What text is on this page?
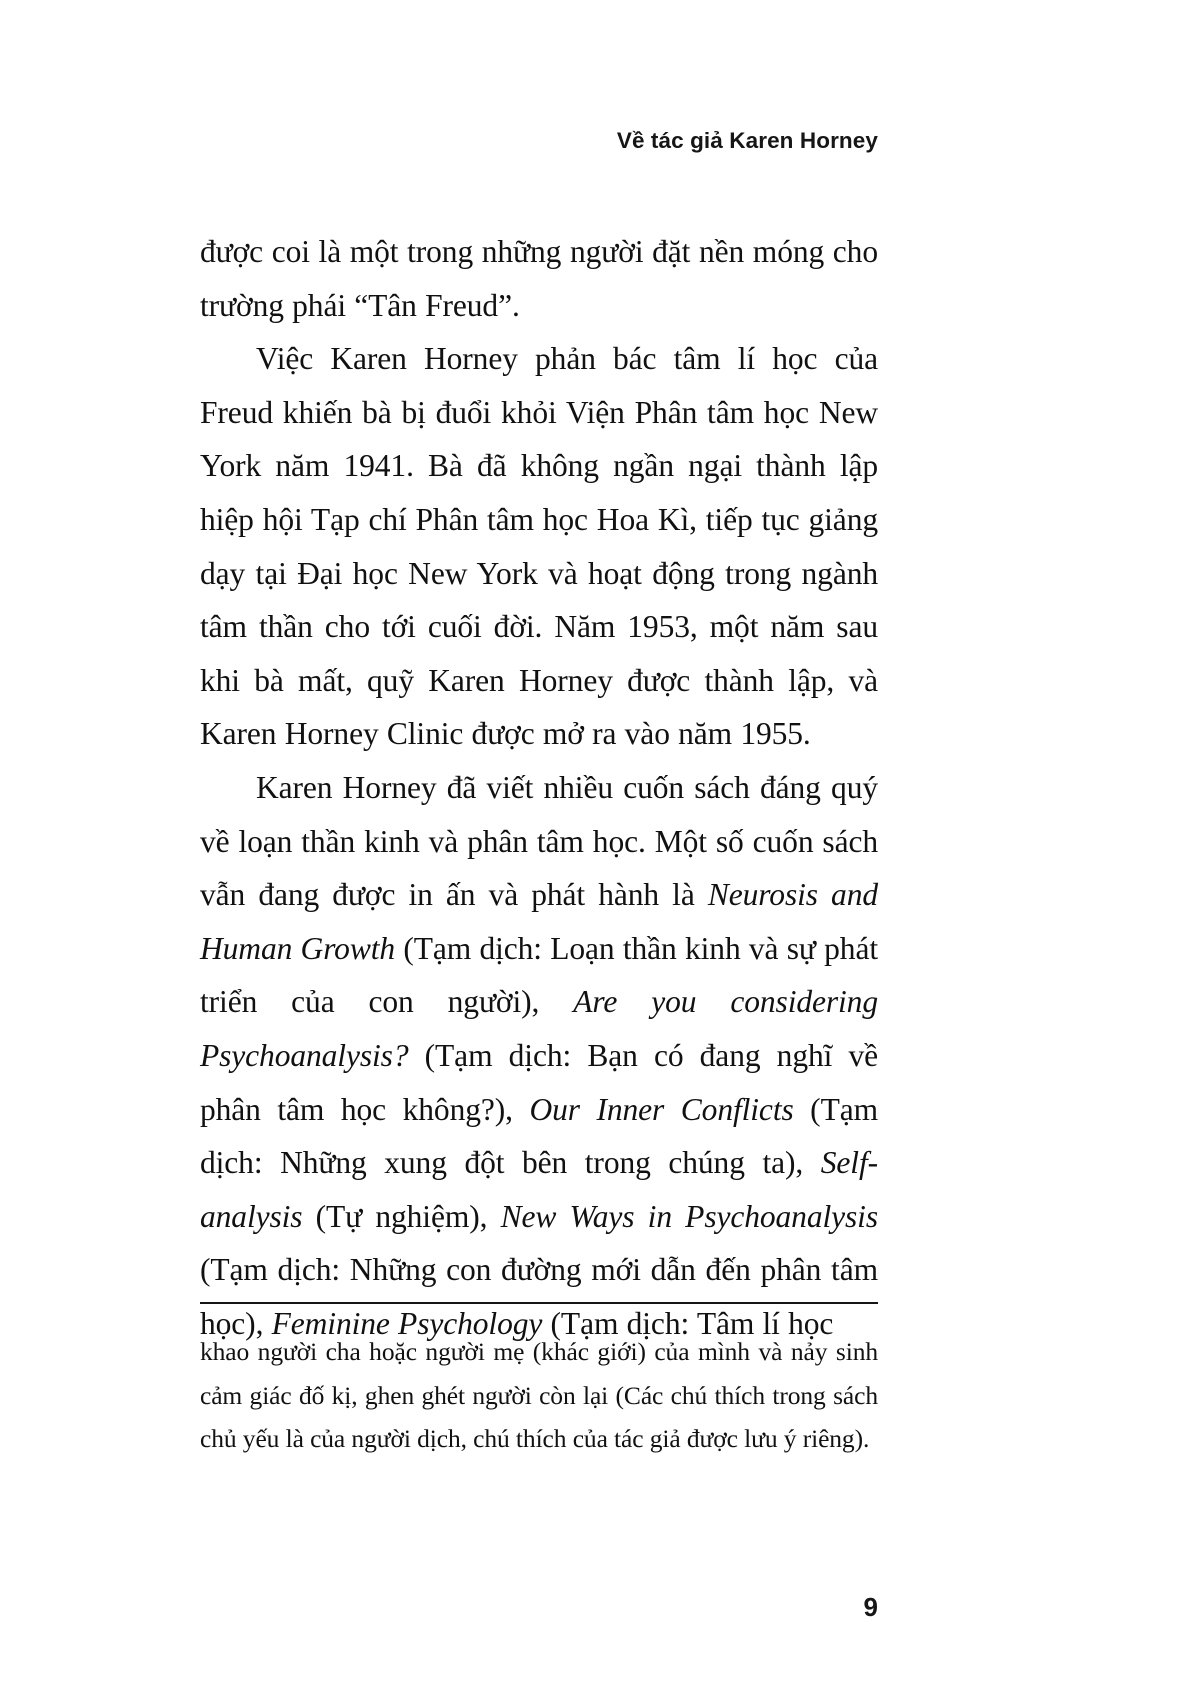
Về tác giả Karen Horney

được coi là một trong những người đặt nền móng cho trường phái “Tân Freud”.

Việc Karen Horney phản bác tâm lí học của Freud khiến bà bị đuổi khỏi Viện Phân tâm học New York năm 1941. Bà đã không ngần ngại thành lập hiệp hội Tạp chí Phân tâm học Hoa Kì, tiếp tục giảng dạy tại Đại học New York và hoạt động trong ngành tâm thần cho tới cuối đời. Năm 1953, một năm sau khi bà mất, quỹ Karen Horney được thành lập, và Karen Horney Clinic được mở ra vào năm 1955.

Karen Horney đã viết nhiều cuốn sách đáng quý về loạn thần kinh và phân tâm học. Một số cuốn sách vẫn đang được in ấn và phát hành là Neurosis and Human Growth (Tạm dịch: Loạn thần kinh và sự phát triển của con người), Are you considering Psychoanalysis? (Tạm dịch: Bạn có đang nghĩ về phân tâm học không?), Our Inner Conflicts (Tạm dịch: Những xung đột bên trong chúng ta), Self-analysis (Tự nghiệm), New Ways in Psychoanalysis (Tạm dịch: Những con đường mới dẫn đến phân tâm học), Feminine Psychology (Tạm dịch: Tâm lí học

khao người cha hoặc người mẹ (khác giới) của mình và nảy sinh cảm giác đố kị, ghen ghét người còn lại (Các chú thích trong sách chủ yếu là của người dịch, chú thích của tác giả được lưu ý riêng).

9
